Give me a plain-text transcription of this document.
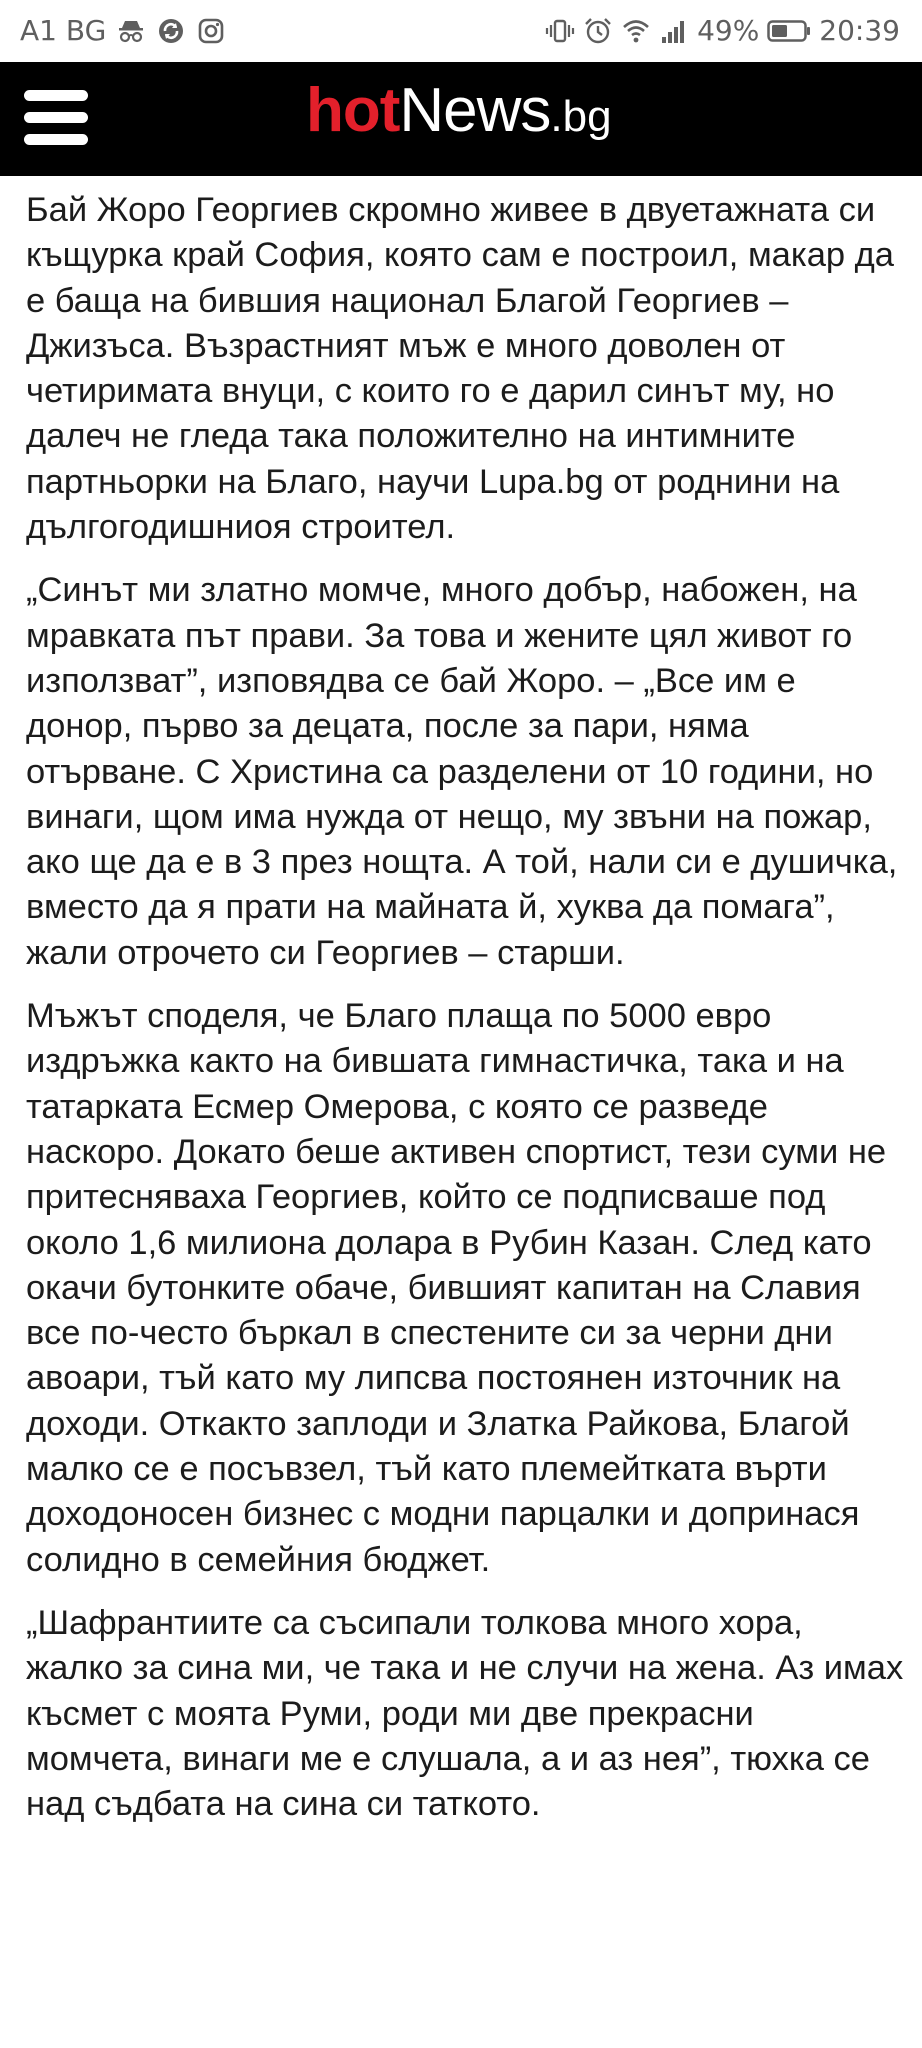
A1 BG	49% 20:39
hotNews.bg

Бай Жоро Георгиев скромно живее в двуетажната си къщурка край София, която сам е построил, макар да е баща на бившия национал Благой Георгиев – Джизъса. Възрастният мъж е много доволен от четиримата внуци, с които го е дарил синът му, но далеч не гледа така положително на интимните партньорки на Благо, научи Lupa.bg от роднини на дългогодишниоя строител.

„Синът ми златно момче, много добър, набожен, на мравката път прави. За това и жените цял живот го използват”, изповядва се бай Жоро. – „Все им е донор, първо за децата, после за пари, няма отърване. С Христина са разделени от 10 години, но винаги, щом има нужда от нещо, му звъни на пожар, ако ще да е в 3 през нощта. А той, нали си е душичка, вместо да я прати на майната й, хуква да помага”, жали отрочето си Георгиев – старши.

Мъжът споделя, че Благо плаща по 5000 евро издръжка както на бившата гимнастичка, така и на татарката Есмер Омерова, с която се разведе наскоро. Докато беше активен спортист, тези суми не притесняваха Георгиев, който се подписваше под около 1,6 милиона долара в Рубин Казан. След като окачи бутонките обаче, бившият капитан на Славия все по-често бъркал в спестените си за черни дни авоари, тъй като му липсва постоянен източник на доходи. Откакто заплоди и Златка Райкова, Благой малко се е посъвзел, тъй като племейтката върти доходоносен бизнес с модни парцалки и допринася солидно в семейния бюджет.

„Шафрантиите са съсипали толкова много хора, жалко за сина ми, че така и не случи на жена. Аз имах късмет с моята Руми, роди ми две прекрасни момчета, винаги ме е слушала, а и аз нея”, тюхка се над съдбата на сина си таткото.
